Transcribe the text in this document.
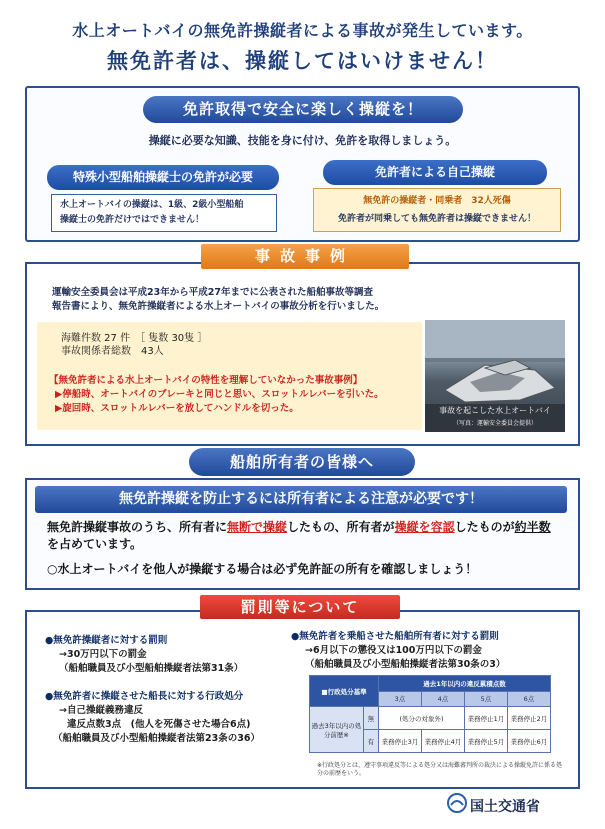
水上オートバイの無免許操縦者による事故が発生しています。
無免許者は、操縦してはいけません！
免許取得で安全に楽しく操縦を！
操縦に必要な知識、技能を身に付け、免許を取得しましょう。
特殊小型船舶操縦士の免許が必要
水上オートバイの操縦は、1級、2級小型船舶
操縦士の免許だけではできません！
免許者による自己操縦
無免許の操縦者・同乗者　32人死傷
免許者が同乗しても無免許者は操縦できません！
運輸安全委員会は平成23年から平成27年までに公表された船舶事故等調査
報告書により、無免許操縦者による水上オートバイの事故分析を行いました。
海難件数 27 件　［ 隻数 30隻 ］
事故関係者総数　43人
【無免許者による水上オートバイの特性を理解していなかった事故事例】
▶停船時、オートバイのブレーキと同じと思い、スロットルレバーを引いた。
▶旋回時、スロットルレバーを放してハンドルを切った。	事故を起こした水上オートバイ
（写真：運輸安全委員会提供）
事故事例
無免許操縦を防止するには所有者による注意が必要です！
無免許操縦事故のうち、所有者に無断で操縦したもの、所有者が操縦を容認したものが約半数を占めています。
○水上オートバイを他人が操縦する場合は必ず免許証の所有を確認しましょう！
船舶所有者の皆様へ
●無免許操縦者に対する罰則
→30万円以下の罰金
（船舶職員及び小型船舶操縦者法第31条）
●無免許者に操縦させた船長に対する行政処分
→自己操縦義務違反
違反点数3点　(他人を死傷させた場合6点)
（船舶職員及び小型船舶操縦者法第23条の36）
●無免許者を乗船させた船舶所有者に対する罰則
→6月以下の懲役又は100万円以下の罰金
（船舶職員及び小型船舶操縦者法第30条の3）
■行政処分基準		過去1年以内の違反累積点数			
		3点	4点	5点	6点
過去3年以内の処分前歴※	無	(処分の対象外)		業務停止1月	業務停止2月
	有	業務停止3月	業務停止4月	業務停止5月	業務停止6月
※行政処分とは、遵守事項違反等による処分又は海難審判所の裁決による操縦免許に係る処分の前歴をいう。
罰則等について
国土交通省
